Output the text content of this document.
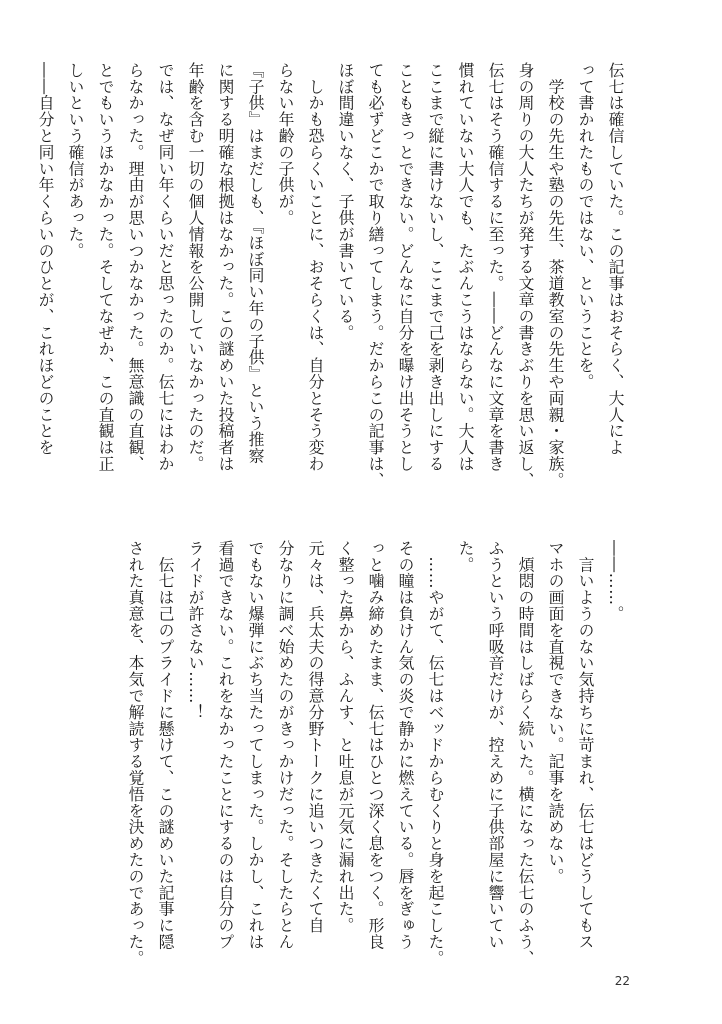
伝七は確信していた。この記事はおそらく、大人によ
って書かれたものではない、ということを。
　学校の先生や塾の先生、茶道教室の先生や両親・家族。
身の周りの大人たちが発する文章の書きぶりを思い返し、
伝七はそう確信するに至った。――どんなに文章を書き
慣れていない大人でも、たぶんこうはならない。大人は
ここまで縦に書けないし、ここまで己を剥き出しにする
こともきっとできない。どんなに自分を曝け出そうとし
ても必ずどこかで取り繕ってしまう。だからこの記事は、
ほぼ間違いなく、子供が書いている。
　しかも恐らくいことに、おそらくは、自分とそう変わ
らない年齢の子供が。
『子供』はまだしも、『ほぼ同い年の子供』という推察
に関する明確な根拠はなかった。この謎めいた投稿者は
年齢を含む一切の個人情報を公開していなかったのだ。
では、なぜ同い年くらいだと思ったのか。伝七にはわか
らなかった。理由が思いつかなかった。無意識の直観、
とでもいうほかなかった。そしてなぜか、この直観は正
しいという確信があった。
――自分と同い年くらいのひとが、これほどのことを
――……。
　言いようのない気持ちに苛まれ、伝七はどうしてもス
マホの画面を直視できない。記事を読めない。
　煩悶の時間はしばらく続いた。横になった伝七のふう、
ふうという呼吸音だけが、控えめに子供部屋に響いてい
た。
　……やがて、伝七はベッドからむくりと身を起こした。
その瞳は負けん気の炎で静かに燃えている。唇をぎゅう
っと噛み締めたまま、伝七はひとつ深く息をつく。形良
く整った鼻から、ふんす、と吐息が元気に漏れ出た。
元々は、兵太夫の得意分野トークに追いつきたくて自
分なりに調べ始めたのがきっかけだった。そしたらとん
でもない爆弾にぶち当たってしまった。しかし、これは
看過できない。これをなかったことにするのは自分のプ
ライドが許さない……！
　伝七は己のプライドに懸けて、この謎めいた記事に隠
された真意を、本気で解読する覚悟を決めたのであった。
22
